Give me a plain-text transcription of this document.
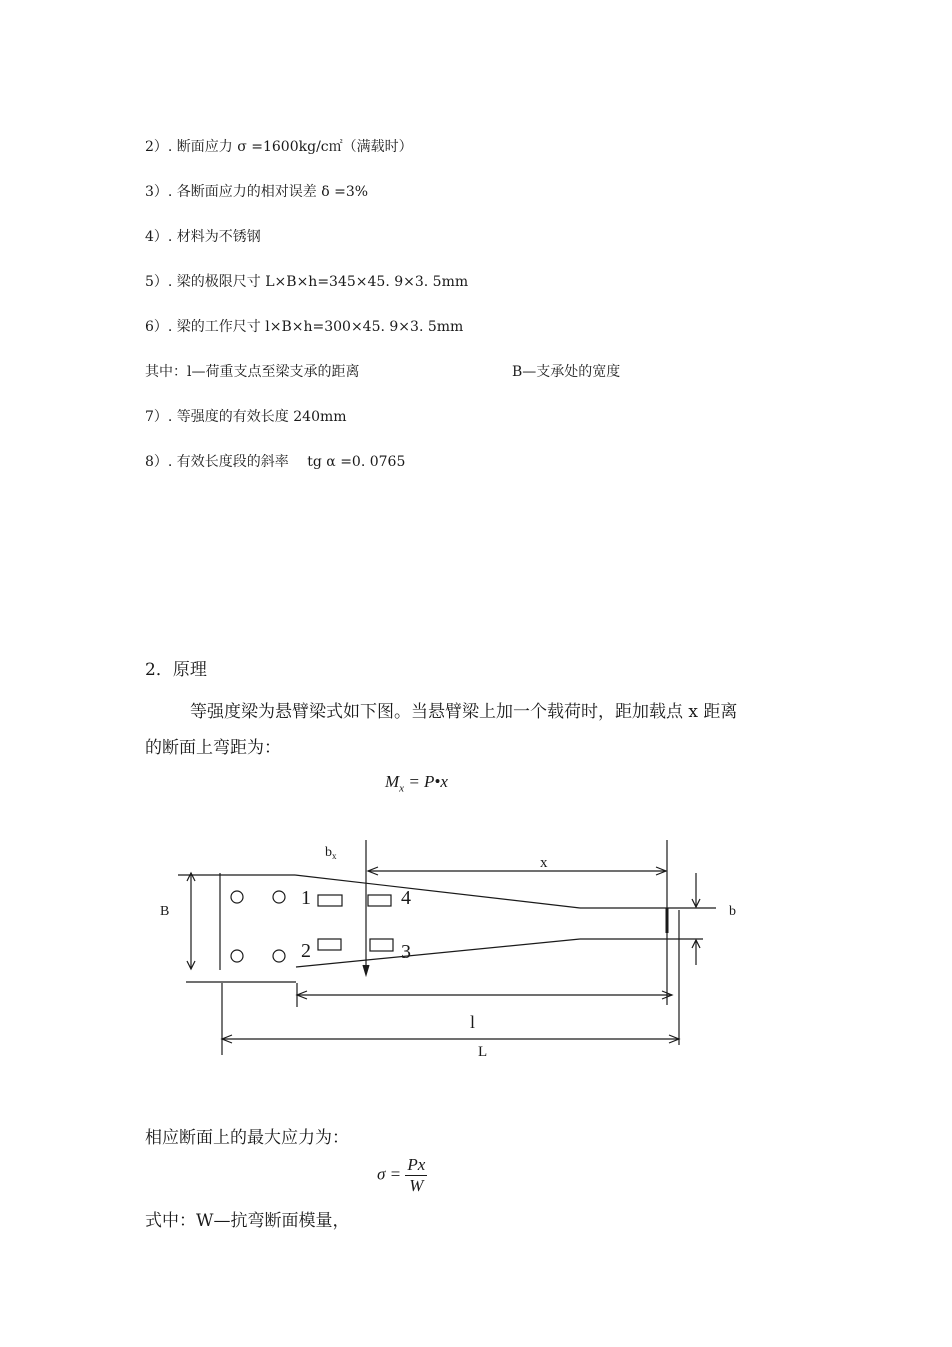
2）. 断面应力 σ =1600kg/c㎡（满载时）
3）. 各断面应力的相对误差 δ =3%
4）. 材料为不锈钢
5）. 梁的极限尺寸 L×B×h=345×45. 9×3. 5mm
6）. 梁的工作尺寸 l×B×h=300×45. 9×3. 5mm
其中：l—荷重支点至梁支承的距离	B—支承处的宽度
7）. 等强度的有效长度 240mm
8）. 有效长度段的斜率　 tg α =0. 0765
2．原理
等强度梁为悬臂梁式如下图。当悬臂梁上加一个载荷时，距加载点 x 距离
的断面上弯距为：
$M_x$ = P•x
$b_x$	x
B	b
1	4
2	3
l
L
相应断面上的最大应力为：
$\sigma = \frac{Px}{W}$
式中：W—抗弯断面模量，
